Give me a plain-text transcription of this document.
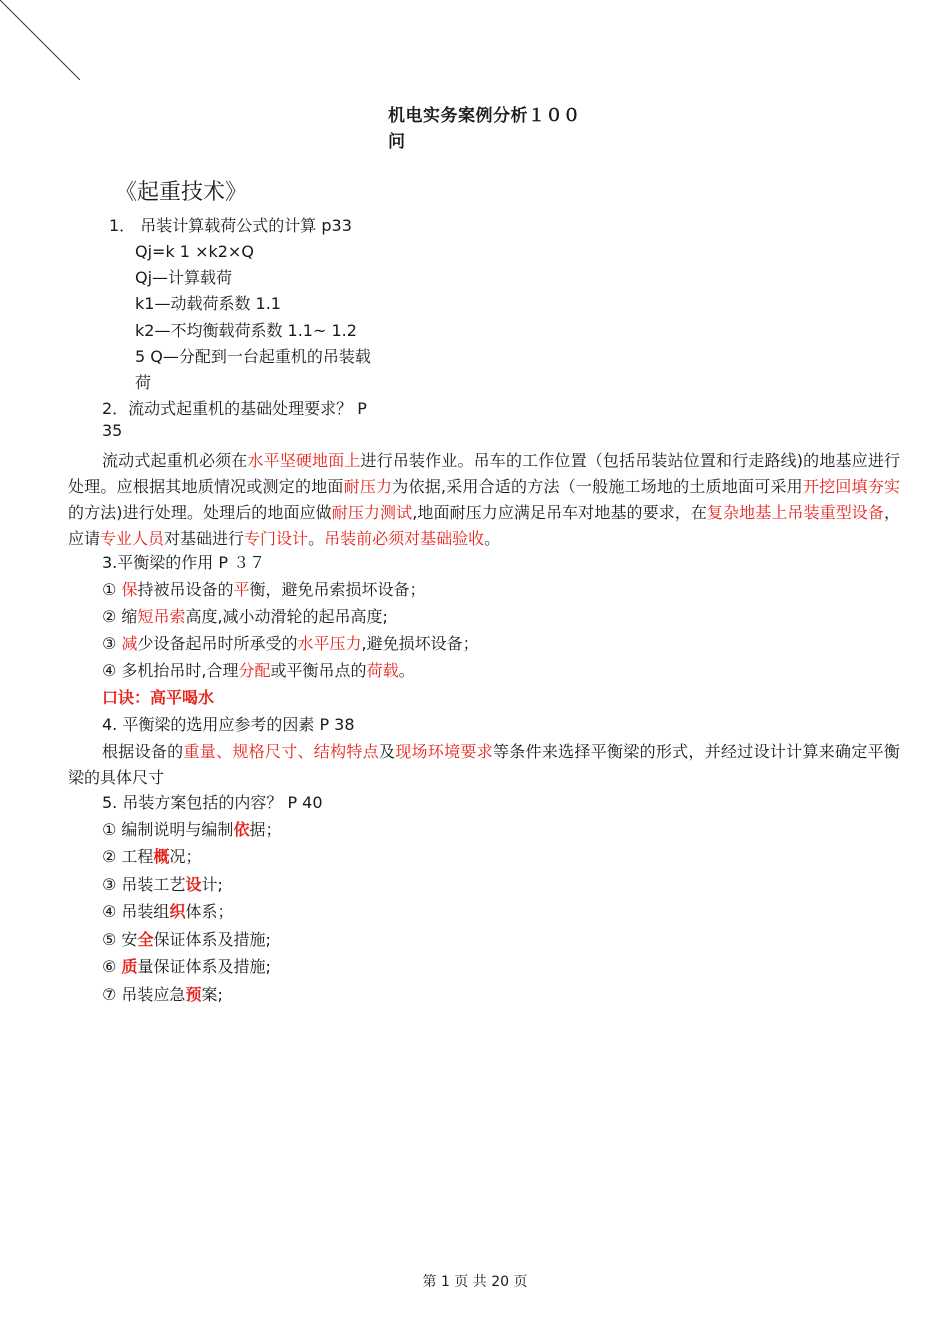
机电实务案例分析１００
问
《起重技术》
1． 吊装计算载荷公式的计算 p33
Qj=k 1 ×k2×Q
Qj—计算载荷
k1—动载荷系数 1.1
k2—不均衡载荷系数 1.1~ 1.2
5 Q—分配到一台起重机的吊装载
荷
2．流动式起重机的基础处理要求？ P
35
流动式起重机必须在水平坚硬地面上进行吊装作业。吊车的工作位置（包括吊装站位置和行走路线)的地基应进行处理。应根据其地质情况或测定的地面耐压力为依据,采用合适的方法（一般施工场地的土质地面可采用开挖回填夯实的方法)进行处理。处理后的地面应做耐压力测试,地面耐压力应满足吊车对地基的要求，在复杂地基上吊装重型设备，应请专业人员对基础进行专门设计。吊装前必须对基础验收。
3.平衡梁的作用 P ３７
① 保持被吊设备的平衡，避免吊索损坏设备；
② 缩短吊索高度,减小动滑轮的起吊高度;
③ 减少设备起吊时所承受的水平压力,避免损坏设备；
④ 多机抬吊时,合理分配或平衡吊点的荷载。
口诀：高平喝水
4. 平衡梁的选用应参考的因素 P 38
根据设备的重量、规格尺寸、结构特点及现场环境要求等条件来选择平衡梁的形式，并经过设计计算来确定平衡梁的具体尺寸
5. 吊装方案包括的内容？ P 40
① 编制说明与编制依据；
② 工程概况；
③ 吊装工艺设计;
④ 吊装组织体系；
⑤ 安全保证体系及措施;
⑥ 质量保证体系及措施;
⑦ 吊装应急预案;
第 1 页 共 20 页
